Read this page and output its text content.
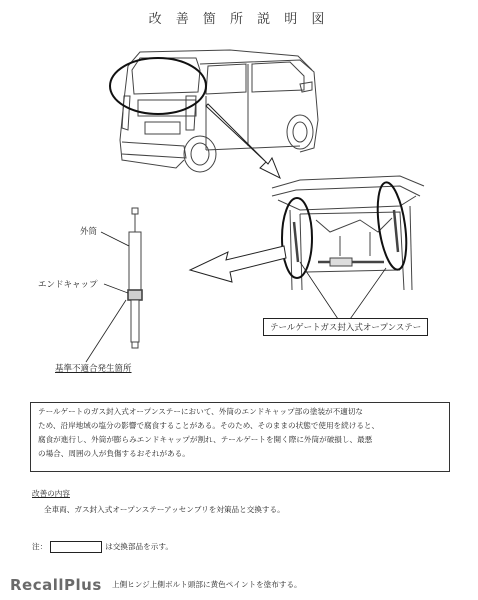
改 善 箇 所 説 明 図
外筒
エンドキャップ
基準不適合発生箇所
テールゲートガス封入式オープンステー
テールゲートのガス封入式オープンステーにおいて、外筒のエンドキャップ部の塗装が不適切な
ため、沿岸地域の塩分の影響で腐食することがある。そのため、そのままの状態で使用を続けると、
腐食が進行し、外筒が膨らみエンドキャップが割れ、テールゲートを開く際に外筒が破損し、最悪
の場合、周囲の人が負傷するおそれがある。
改善の内容
全車両、ガス封入式オープンステーアッセンブリを対策品と交換する。
注：	は交換部品を示す。
上側ヒンジ上側ボルト頭部に黄色ペイントを塗布する。
RecallPlus
